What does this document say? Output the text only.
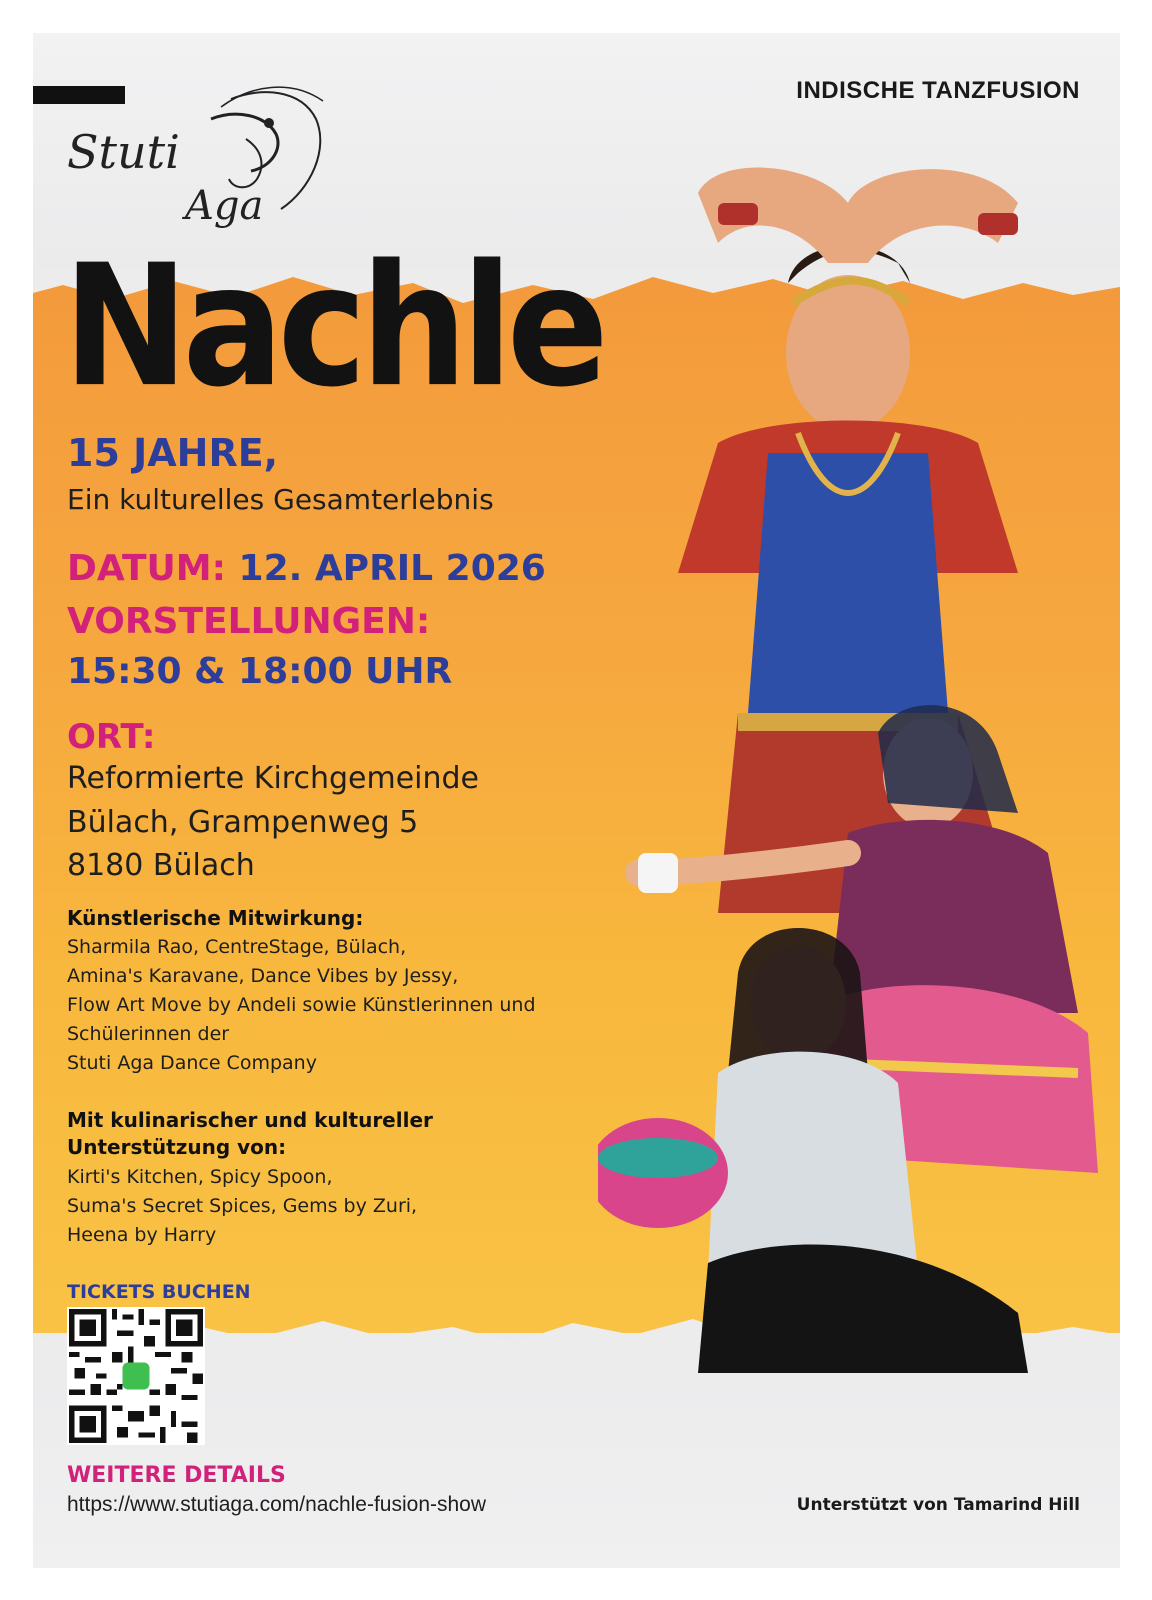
INDISCHE TANZFUSION
Stuti
Aga
Nachle
15 JAHRE,
Ein kulturelles Gesamterlebnis
DATUM: 12. APRIL 2026
VORSTELLUNGEN:
15:30 & 18:00 UHR
ORT:
Reformierte Kirchgemeinde
Bülach, Grampenweg 5
8180 Bülach
Künstlerische Mitwirkung:
Sharmila Rao, CentreStage, Bülach,
Amina's Karavane, Dance Vibes by Jessy,
Flow Art Move by Andeli sowie Künstlerinnen und
Schülerinnen der
Stuti Aga Dance Company
Mit kulinarischer und kultureller
Unterstützung von:
Kirti's Kitchen, Spicy Spoon,
Suma's Secret Spices, Gems by Zuri,
Heena by Harry
TICKETS BUCHEN
WEITERE DETAILS
https://www.stutiaga.com/nachle-fusion-show	Unterstützt von Tamarind Hill
